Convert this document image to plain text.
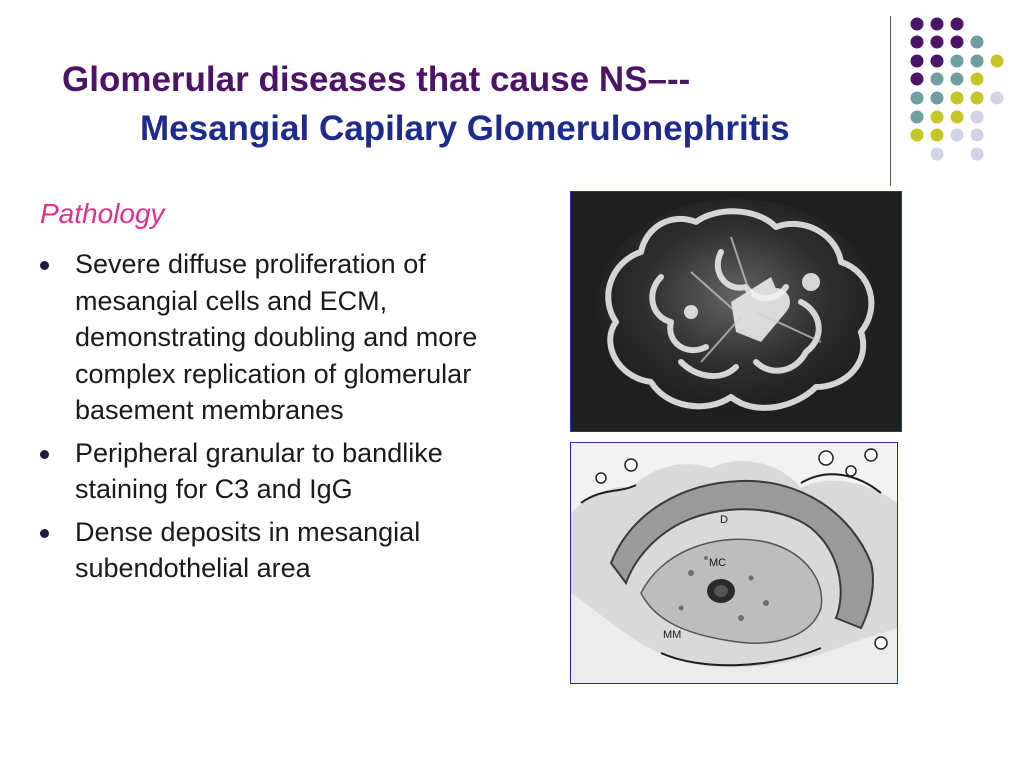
Glomerular diseases that cause NS–--
Mesangial Capilary Glomerulonephritis
Pathology
Severe diffuse proliferation of mesangial cells and ECM, demonstrating doubling and more complex replication of glomerular basement membranes
Peripheral granular to bandlike staining for C3 and IgG
Dense deposits in mesangial subendothelial area
D
MC
MM
